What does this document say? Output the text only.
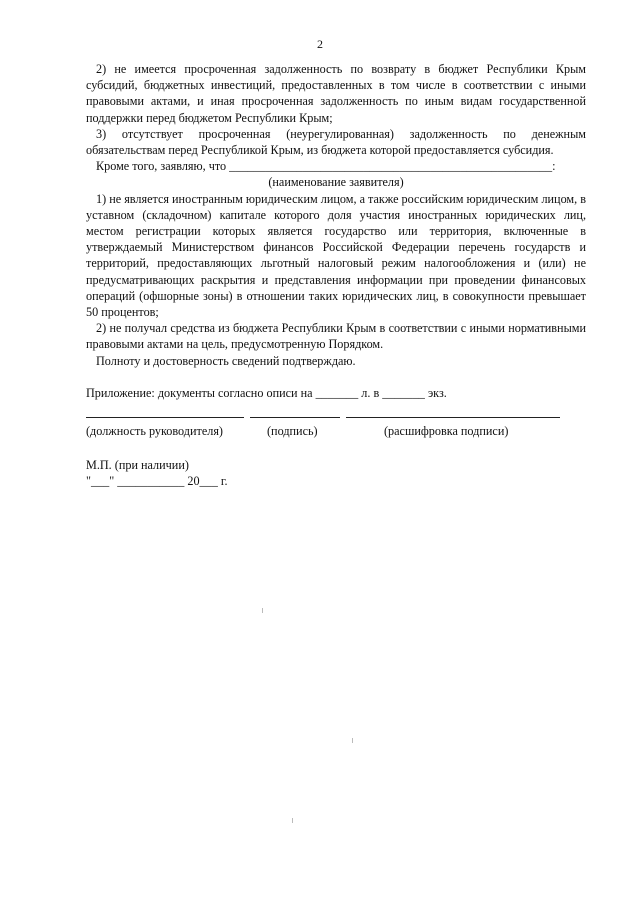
2

2) не имеется просроченная задолженность по возврату в бюджет Республики Крым субсидий, бюджетных инвестиций, предоставленных в том числе в соответствии с иными правовыми актами, и иная просроченная задолженность по иным видам государственной поддержки перед бюджетом Республики Крым;

3) отсутствует просроченная (неурегулированная) задолженность по денежным обязательствам перед Республикой Крым, из бюджета которой предоставляется субсидия.

Кроме того, заявляю, что _____________________________________________________:

(наименование заявителя)

1) не является иностранным юридическим лицом, а также российским юридическим лицом, в уставном (складочном) капитале которого доля участия иностранных юридических лиц, местом регистрации которых является государство или территория, включенные в утверждаемый Министерством финансов Российской Федерации перечень государств и территорий, предоставляющих льготный налоговый режим налогообложения и (или) не предусматривающих раскрытия и представления информации при проведении финансовых операций (офшорные зоны) в отношении таких юридических лиц, в совокупности превышает 50 процентов;

2) не получал средства из бюджета Республики Крым в соответствии с иными нормативными правовыми актами на цель, предусмотренную Порядком.

Полноту и достоверность сведений подтверждаю.

Приложение: документы согласно описи на _______ л. в _______ экз.

(должность руководителя)	(подпись)	(расшифровка подписи)
М.П. (при наличии)
"___" ___________ 20___ г.
